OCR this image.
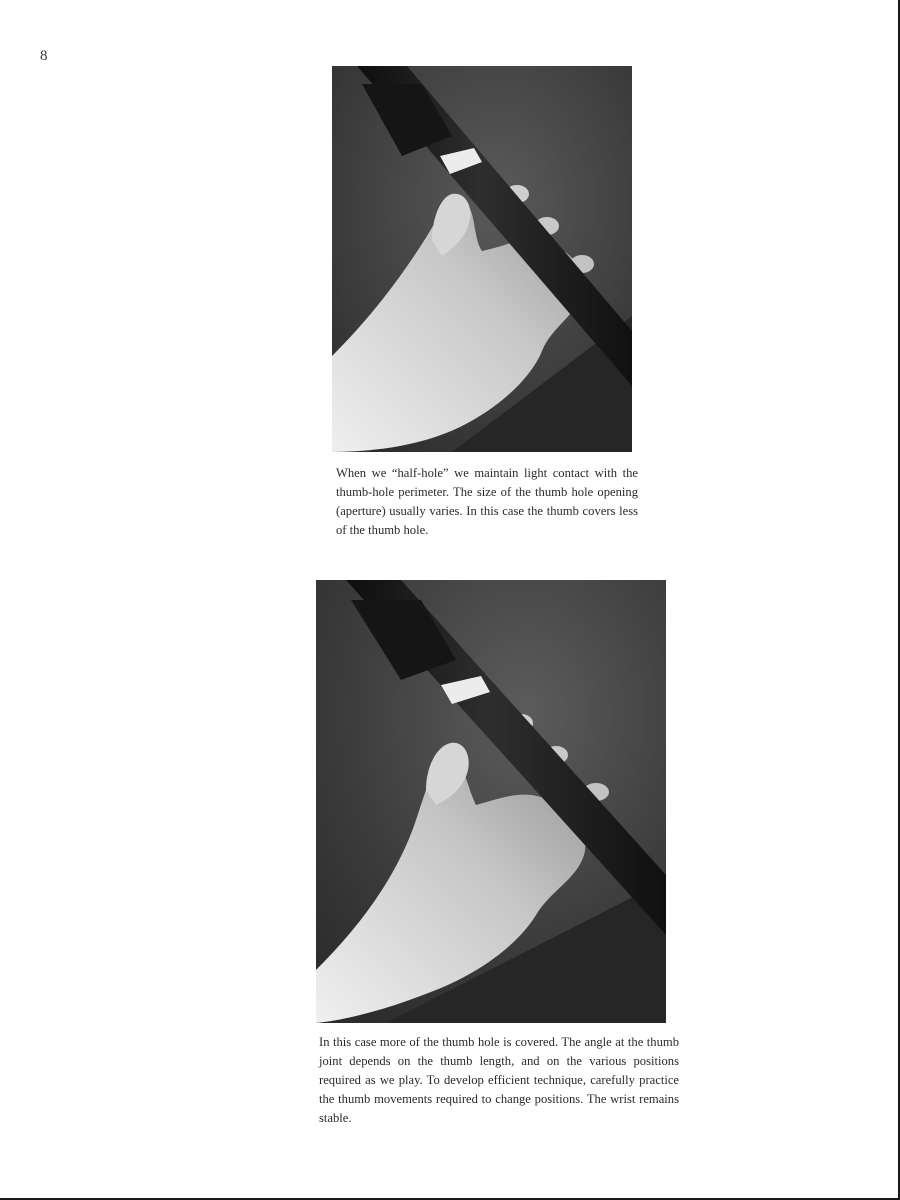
8

When we “half-hole” we maintain light contact with the thumb-hole perimeter. The size of the thumb hole opening (aperture) usually varies. In this case the thumb covers less of the thumb hole.

In this case more of the thumb hole is covered. The angle at the thumb joint depends on the thumb length, and on the various positions required as we play. To develop efficient technique, carefully practice the thumb movements required to change positions. The wrist remains stable.
